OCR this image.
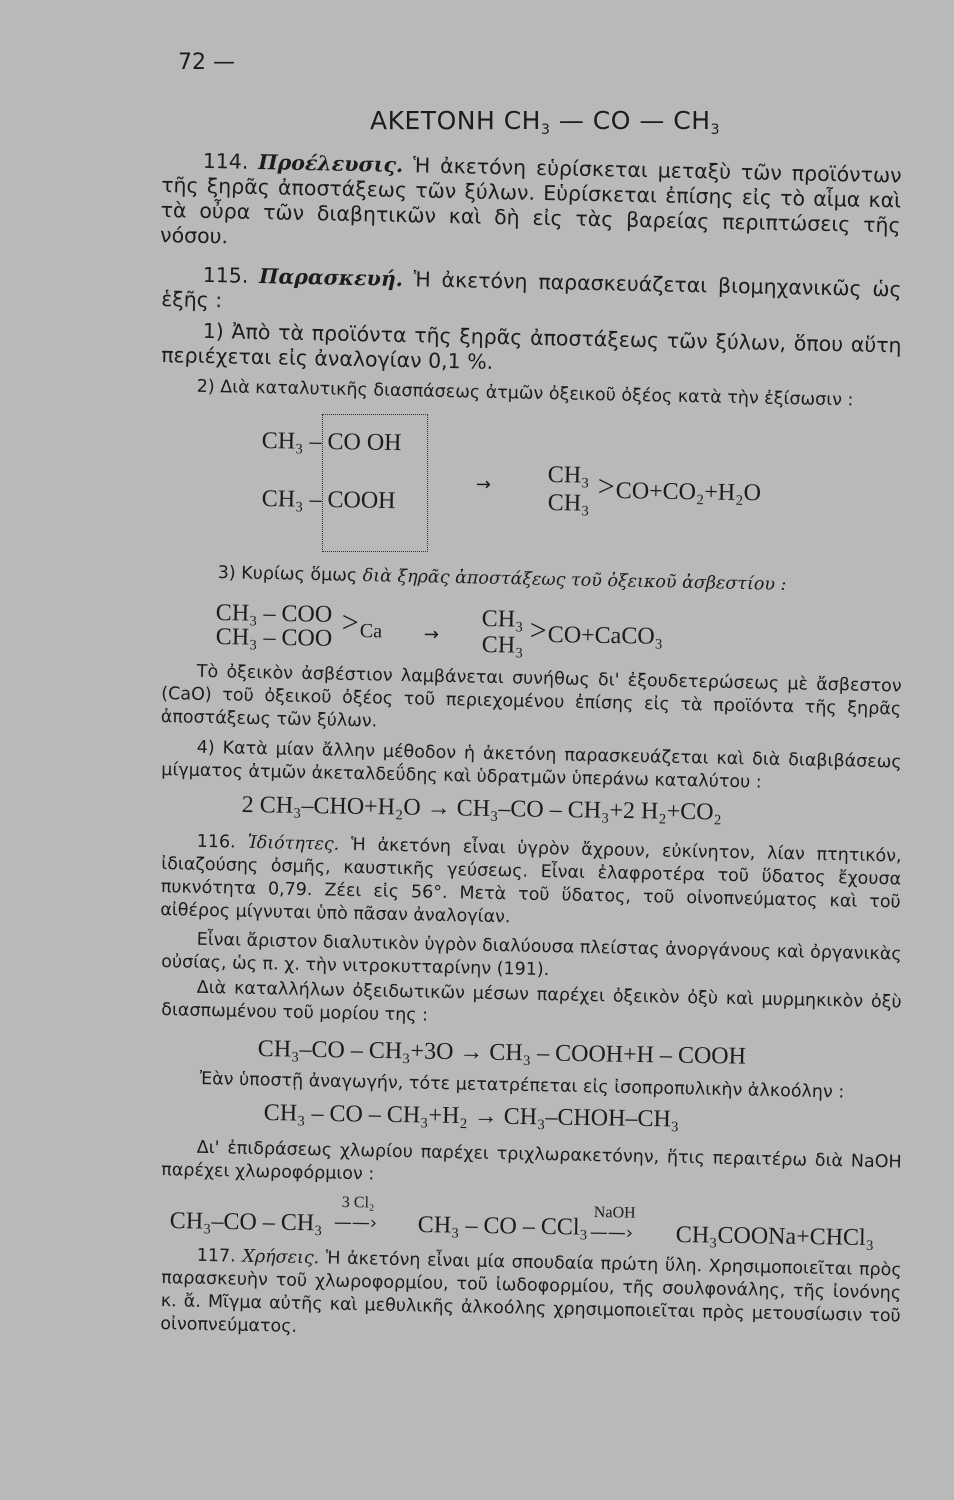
72 —
ΑΚΕΤΟΝΗ $CH_3$ — CO — $CH_3$
  114. Προέλευσις. Ἡ ἀκετόνη εὑρίσκεται μεταξὺ τῶν προϊόντων τῆς ξηρᾶς ἀποστάξεως τῶν ξύλων. Εὑρίσκεται ἐπίσης εἰς τὸ αἷμα καὶ τὰ οὖρα τῶν διαβητικῶν καὶ δὴ εἰς τὰς βαρείας περιπτώσεις τῆς νόσου.
  115. Παρασκευή. Ἡ ἀκετόνη παρασκευάζεται βιομηχανικῶς ὡς ἑξῆς :
  1) Ἀπὸ τὰ προϊόντα τῆς ξηρᾶς ἀποστάξεως τῶν ξύλων, ὅπου αὕτη περιέχεται εἰς ἀναλογίαν 0,1 %.
  2) Διὰ καταλυτικῆς διασπάσεως ἀτμῶν ὀξεικοῦ ὀξέος κατὰ τὴν ἐξίσωσιν :
CH₃ – CO OH
CH₃ – COOH
→ CH₃
CH₃
> CO+CO₂+H₂O
3) Κυρίως ὅμως διὰ ξηρᾶς ἀποστάξεως τοῦ ὀξεικοῦ ἀσβεστίου :
CH₃ – COO
CH₃ – COO > Ca →
CH₃
CH₃ > CO+CaCO₃
  Τὸ ὀξεικὸν ἀσβέστιον λαμβάνεται συνήθως δι' ἐξουδετερώσεως μὲ ἄσβεστον (CaO) τοῦ ὀξεικοῦ ὀξέος τοῦ περιεχομένου ἐπίσης εἰς τὰ προϊόντα τῆς ξηρᾶς ἀποστάξεως τῶν ξύλων.
  4) Κατὰ μίαν ἄλλην μέθοδον ἡ ἀκετόνη παρασκευάζεται καὶ διὰ διαβιβάσεως μίγματος ἀτμῶν ἀκεταλδεΰδης καὶ ὑδρατμῶν ὑπεράνω καταλύτου :
2 CH₃–CHO+H₂O → CH₃–CO – CH₃+2 H₂+CO₂
  116. Ἰδιότητες. Ἡ ἀκετόνη εἶναι ὑγρὸν ἄχρουν, εὐκίνητον, λίαν πτητικόν, ἰδιαζούσης ὀσμῆς, καυστικῆς γεύσεως. Εἶναι ἐλαφροτέρα τοῦ ὕδατος ἔχουσα πυκνότητα 0,79. Ζέει εἰς 56°. Μετὰ τοῦ ὕδατος, τοῦ οἰνοπνεύματος καὶ τοῦ αἰθέρος μίγνυται ὑπὸ πᾶσαν ἀναλογίαν.
  Εἶναι ἄριστον διαλυτικὸν ὑγρὸν διαλύουσα πλείστας ἀνοργάνους καὶ ὀργανικὰς οὐσίας, ὡς π. χ. τὴν νιτροκυτταρίνην (191).
  Διὰ καταλλήλων ὀξειδωτικῶν μέσων παρέχει ὀξεικὸν ὀξὺ καὶ μυρμηκικὸν ὀξὺ διασπωμένου τοῦ μορίου της :
CH₃–CO – CH₃+3O → CH₃ – COOH+H – COOH
Ἐὰν ὑποστῇ ἀναγωγήν, τότε μετατρέπεται εἰς ἰσοπροπυλικὴν ἀλκοόλην :
CH₃ – CO – CH₃+H₂ → CH₃–CHOH–CH₃
  Δι' ἐπιδράσεως χλωρίου παρέχει τριχλωρακετόνην, ἥτις περαιτέρω διὰ NaOH παρέχει χλωροφόρμιον :
CH₃–CO – CH₃
3 Cl₂
——› CH₃ – CO – CCl₃ NaOH
——› CH₃COONa+CHCl₃
  117. Χρήσεις. Ἡ ἀκετόνη εἶναι μία σπουδαία πρώτη ὕλη. Χρησιμοποιεῖται πρὸς παρασκευὴν τοῦ χλωροφορμίου, τοῦ ἰωδοφορμίου, τῆς σουλφονάλης, τῆς ἰονόνης κ. ἄ. Μῖγμα αὐτῆς καὶ μεθυλικῆς ἀλκοόλης χρησιμοποιεῖται πρὸς μετουσίωσιν τοῦ οἰνοπνεύματος.
